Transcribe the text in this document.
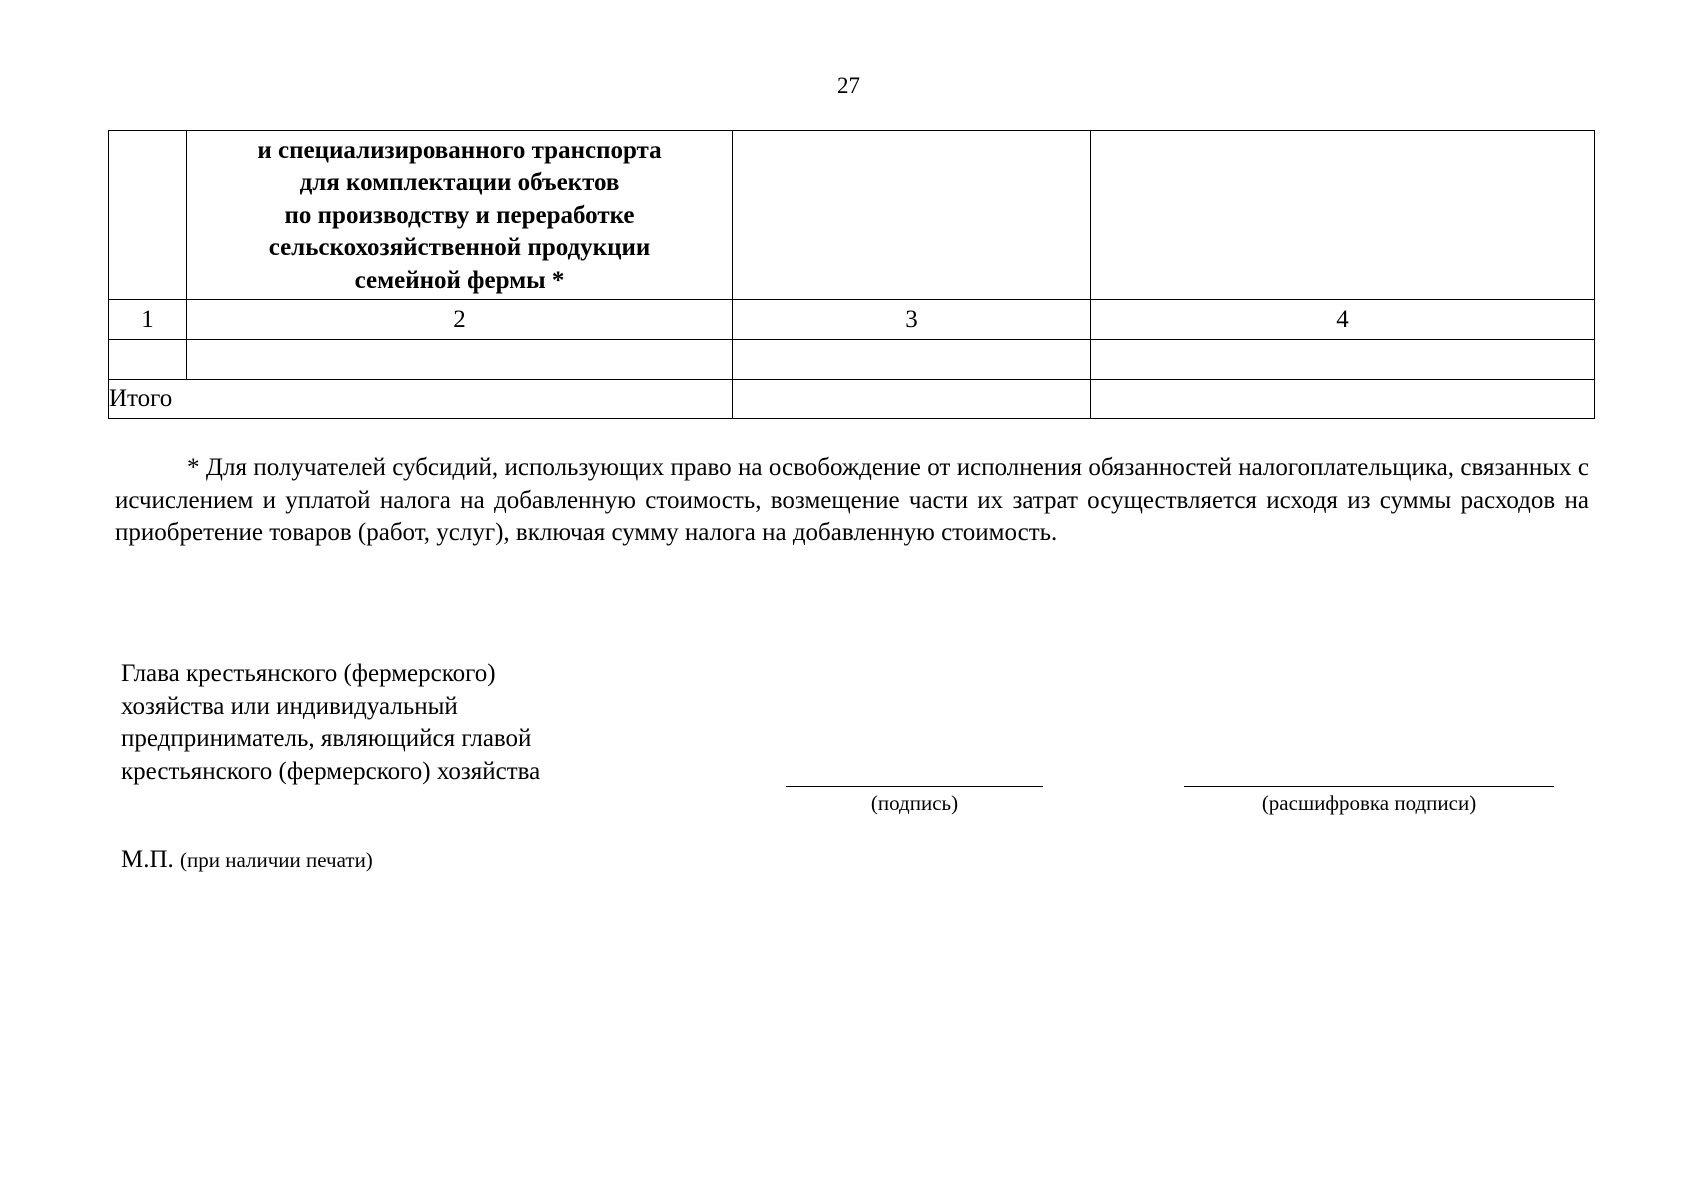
27

	и специализированного транспорта
для комплектации объектов
по производству и переработке
сельскохозяйственной продукции
семейной фермы *		

1	2	3	4

Итого			

* Для получателей субсидий, использующих право на освобождение от исполнения обязанностей налогоплательщика, связанных с исчислением и уплатой налога на добавленную стоимость, возмещение части их затрат осуществляется исходя из суммы расходов на приобретение товаров (работ, услуг), включая сумму налога на добавленную стоимость.

Глава крестьянского (фермерского)
хозяйства или индивидуальный
предприниматель, являющийся главой
крестьянского (фермерского) хозяйства
(подпись)	(расшифровка подписи)
М.П. (при наличии печати)
